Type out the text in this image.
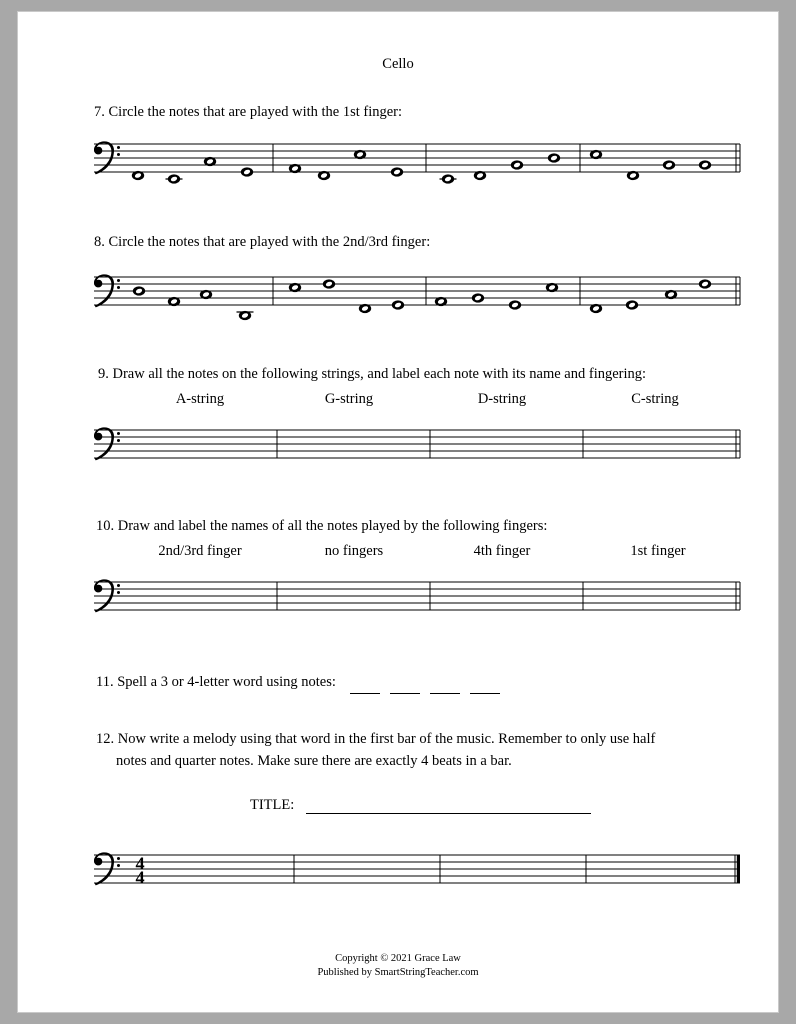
Cello
7. Circle the notes that are played with the 1st finger:
8. Circle the notes that are played with the 2nd/3rd finger:
9. Draw all the notes on the following strings, and label each note with its name and fingering:
A-string	G-string	D-string	C-string
10. Draw and label the names of all the notes played by the following fingers:
2nd/3rd finger	no fingers	4th finger	1st finger
11. Spell a 3 or 4-letter word using notes:
12. Now write a melody using that word in the first bar of the music. Remember to only use half
notes and quarter notes. Make sure there are exactly 4 beats in a bar.
TITLE:
4
4
Copyright © 2021 Grace Law
Published by SmartStringTeacher.com
